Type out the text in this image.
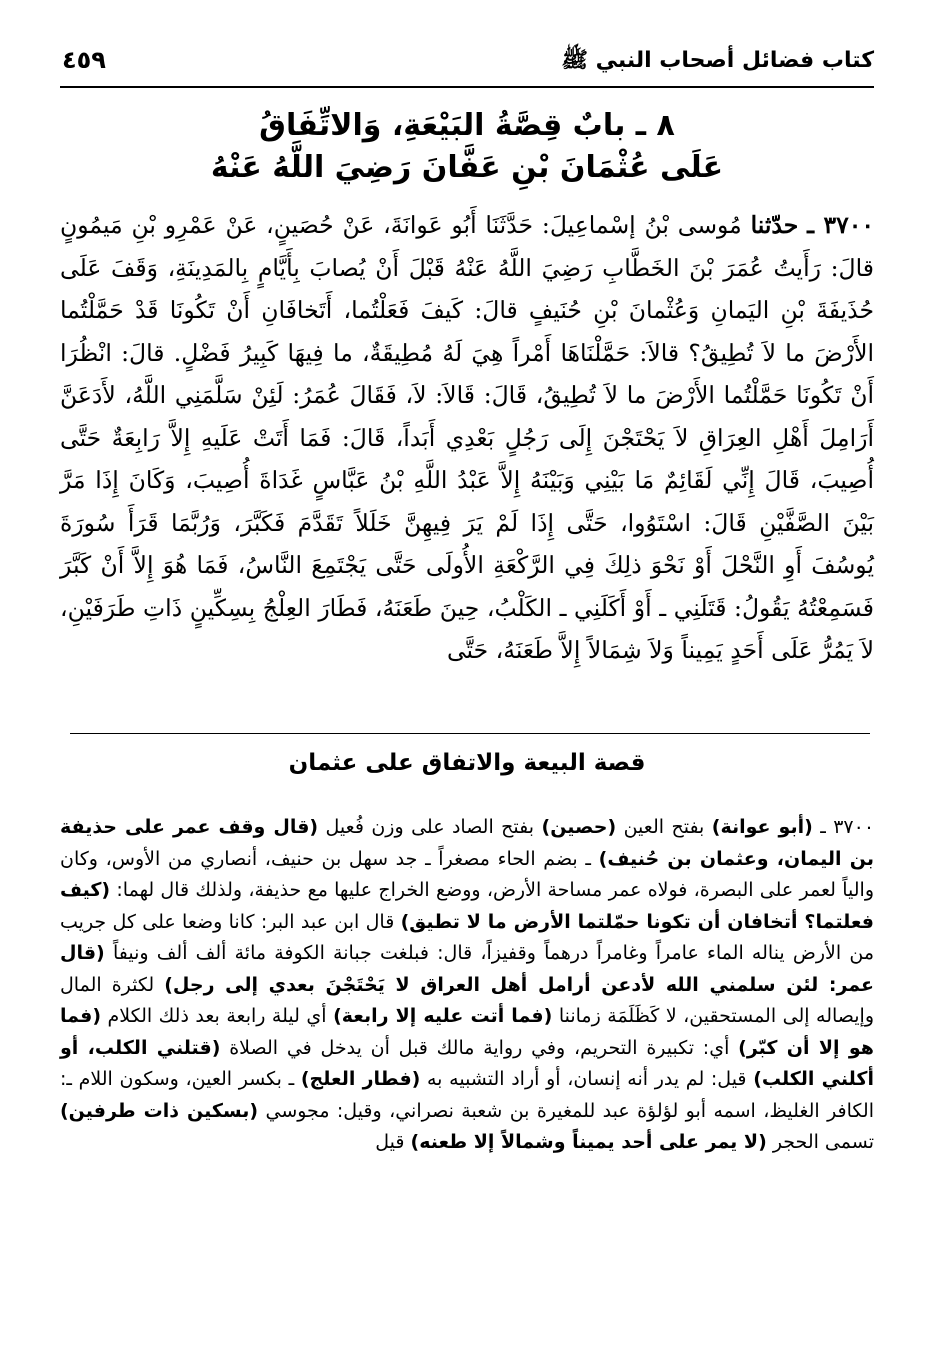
كتاب فضائل أصحاب النبي ﷺ
٤٥٩
٨ ـ بابٌ قِصَّةُ البَيْعَةِ، وَالاتِّفَاقُ
عَلَى عُثْمَانَ بْنِ عَفَّانَ رَضِيَ اللَّهُ عَنْهُ
٣٧٠٠ ـ حدّثنا مُوسى بْنُ إسْماعِيلَ: حَدَّثَنَا أَبُو عَوانَةَ، عَنْ حُصَينٍ، عَنْ عَمْرِو بْنِ مَيمُونٍ قالَ: رَأَيتُ عُمَرَ بْنَ الخَطَّابِ رَضِيَ اللَّهُ عَنْهُ قَبْلَ أَنْ يُصابَ بِأَيَّامٍ بِالمَدِينَةِ، وَقَفَ عَلَى حُذَيفَةَ بْنِ اليَمانِ وَعُثْمانَ بْنِ حُنَيفٍ قالَ: كَيفَ فَعَلْتُما، أَتَخافَانِ أَنْ تَكُونَا قَدْ حَمَّلْتُما الأَرْضَ ما لاَ تُطِيقُ؟ قالاَ: حَمَّلْنَاهَا أَمْراً هِيَ لَهُ مُطِيقَةٌ، ما فِيهَا كَبِيرُ فَضْلٍ. قالَ: انْظُرَا أَنْ تَكُونَا حَمَّلْتُما الأَرْضَ ما لاَ تُطِيقُ، قَالَ: قَالاَ: لاَ، فَقَالَ عُمَرُ: لَئِنْ سَلَّمَنِي اللَّهُ، لأَدَعَنَّ أَرَامِلَ أَهْلِ العِرَاقِ لاَ يَحْتَجْنَ إِلَى رَجُلٍ بَعْدِي أَبَداً، قَالَ: فَمَا أَتَتْ عَلَيهِ إِلاَّ رَابِعَةٌ حَتَّى أُصِيبَ، قَالَ إِنِّي لَقَائِمٌ مَا بَيْنِي وَبَيْنَهُ إِلاَّ عَبْدُ اللَّهِ بْنُ عَبَّاسٍ غَدَاةَ أُصِيبَ، وَكَانَ إِذَا مَرَّ بَيْنَ الصَّفَّيْنِ قَالَ: اسْتَوُوا، حَتَّى إِذَا لَمْ يَرَ فِيهِنَّ خَلَلاً تَقَدَّمَ فَكَبَّرَ، وَرُبَّمَا قَرَأَ سُورَةَ يُوسُفَ أَوِ النَّحْلَ أَوْ نَحْوَ ذلِكَ فِي الرَّكْعَةِ الأُولَى حَتَّى يَجْتَمِعَ النَّاسُ، فَمَا هُوَ إِلاَّ أَنْ كَبَّرَ فَسَمِعْتُهُ يَقُولُ: قَتَلَنِي ـ أَوْ أَكَلَنِي ـ الكَلْبُ، حِينَ طَعَنَهُ، فَطَارَ العِلْجُ بِسِكِّينٍ ذَاتِ طَرَفَيْنِ، لاَ يَمُرُّ عَلَى أَحَدٍ يَمِيناً وَلاَ شِمَالاً إِلاَّ طَعَنَهُ، حَتَّى
قصة البيعة والاتفاق على عثمان
٣٧٠٠ ـ (أبو عوانة) بفتح العين (حصين) بفتح الصاد على وزن فُعيل (قال وقف عمر على حذيفة بن اليمان، وعثمان بن حُنيف) ـ بضم الحاء مصغراً ـ جد سهل بن حنيف، أنصاري من الأوس، وكان والياً لعمر على البصرة، فولاه عمر مساحة الأرض، ووضع الخراج عليها مع حذيفة، ولذلك قال لهما: (كيف فعلتما؟ أتخافان أن تكونا حمّلتما الأرض ما لا تطيق) قال ابن عبد البر: كانا وضعا على كل جريب من الأرض يناله الماء عامراً وغامراً درهماً وقفيزاً، قال: فبلغت جبانة الكوفة مائة ألف ألف ونيفاً (قال عمر: لئن سلمني الله لأدعن أرامل أهل العراق لا يَحْتَجْنَ بعدي إلى رجل) لكثرة المال وإيصاله إلى المستحقين، لا كَظَلَمَة زماننا (فما أتت عليه إلا رابعة) أي ليلة رابعة بعد ذلك الكلام (فما هو إلا أن كبّر) أي: تكبيرة التحريم، وفي رواية مالك قبل أن يدخل في الصلاة (قتلني الكلب، أو أكلني الكلب) قيل: لم يدر أنه إنسان، أو أراد التشبيه به (فطار العلج) ـ بكسر العين، وسكون اللام ـ: الكافر الغليظ، اسمه أبو لؤلؤة عبد للمغيرة بن شعبة نصراني، وقيل: مجوسي (بسكين ذات طرفين) تسمى الحجر (لا يمر على أحد يميناً وشمالاً إلا طعنه) قيل
